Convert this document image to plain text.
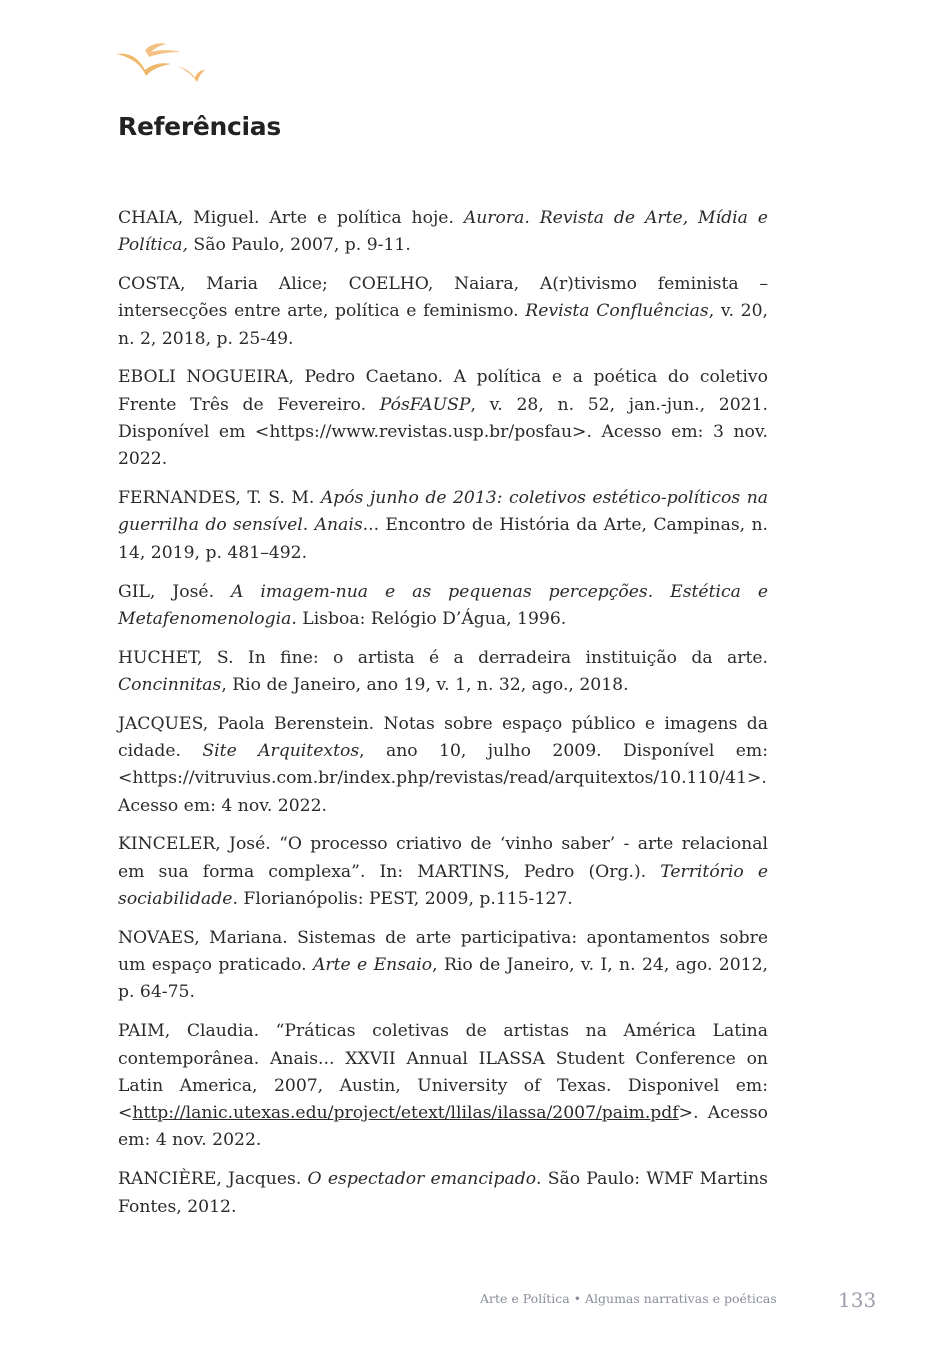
Referências

CHAIA, Miguel. Arte e política hoje. Aurora. Revista de Arte, Mídia e Política, São Paulo, 2007, p. 9-11.

COSTA, Maria Alice; COELHO, Naiara, A(r)tivismo feminista – intersecções entre arte, política e feminismo. Revista Confluências, v. 20, n. 2, 2018, p. 25-49.

EBOLI NOGUEIRA, Pedro Caetano. A política e a poética do coletivo Frente Três de Fevereiro. PósFAUSP, v. 28, n. 52, jan.-jun., 2021. Disponível em <https://www.revistas.usp.br/posfau>. Acesso em: 3 nov. 2022.

FERNANDES, T. S. M. Após junho de 2013: coletivos estético-políticos na guerrilha do sensível. Anais... Encontro de História da Arte, Campinas, n. 14, 2019, p. 481–492.

GIL, José. A imagem-nua e as pequenas percepções. Estética e Metafenomenologia. Lisboa: Relógio D’Água, 1996.

HUCHET, S. In fine: o artista é a derradeira instituição da arte. Concinnitas, Rio de Janeiro, ano 19, v. 1, n. 32, ago., 2018.

JACQUES, Paola Berenstein. Notas sobre espaço público e imagens da cidade. Site Arquitextos, ano 10, julho 2009. Disponível em: <https://vitruvius.com.br/index.php/revistas/read/arquitextos/10.110/41>. Acesso em: 4 nov. 2022.

KINCELER, José. “O processo criativo de ‘vinho saber’ - arte relacional em sua forma complexa”. In: MARTINS, Pedro (Org.). Território e sociabilidade. Florianópolis: PEST, 2009, p.115-127.

NOVAES, Mariana. Sistemas de arte participativa: apontamentos sobre um espaço praticado. Arte e Ensaio, Rio de Janeiro, v. I, n. 24, ago. 2012, p. 64-75.

PAIM, Claudia. “Práticas coletivas de artistas na América Latina contemporânea. Anais... XXVII Annual ILASSA Student Conference on Latin America, 2007, Austin, University of Texas. Disponivel em:<http://lanic.utexas.edu/project/etext/llilas/ilassa/2007/paim.pdf>. Acesso em: 4 nov. 2022.

RANCIÈRE, Jacques. O espectador emancipado. São Paulo: WMF Martins Fontes, 2012.

Arte e Política • Algumas narrativas e poéticas	133
